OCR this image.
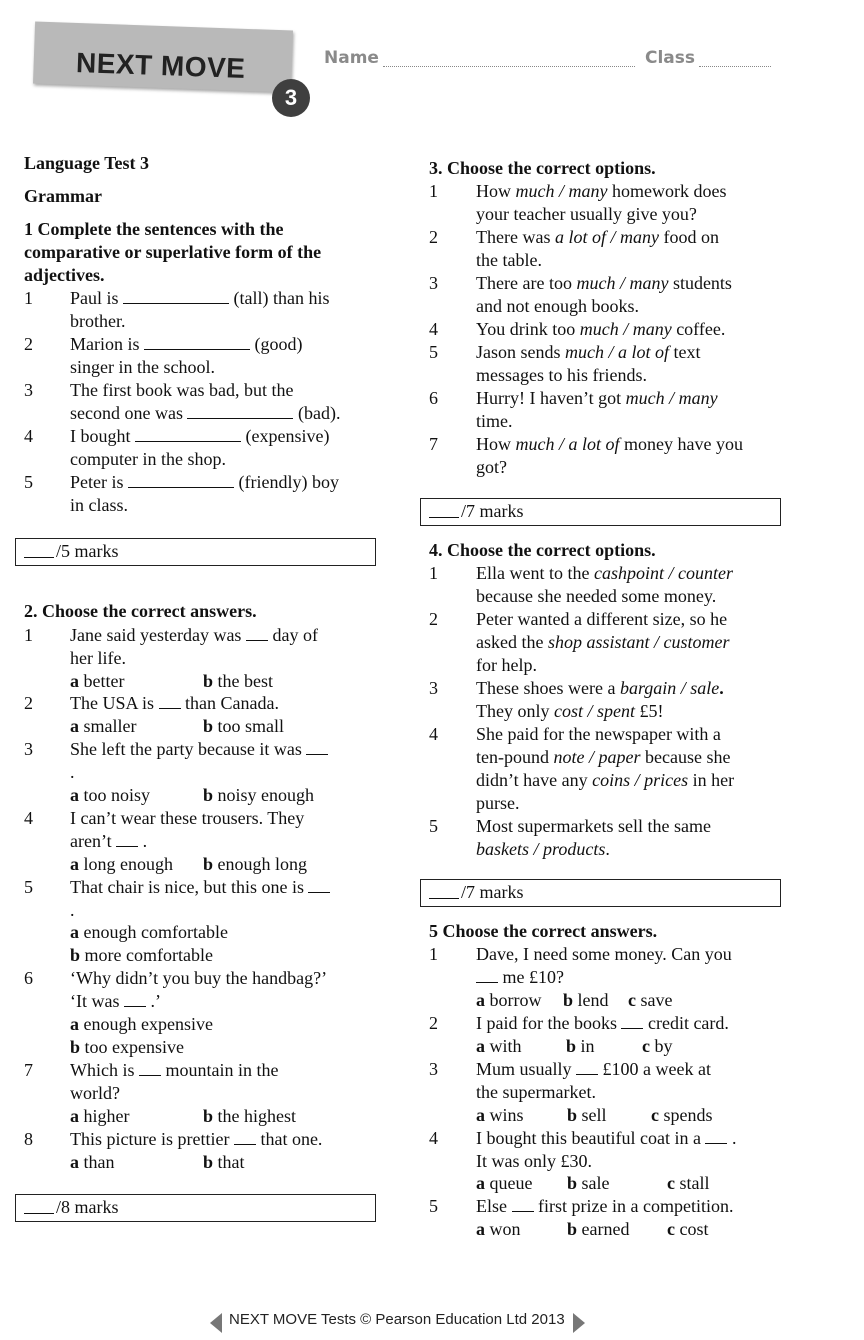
NEXT MOVE
3
Name	Class
Language Test 3
Grammar
1 Complete the sentences with the
comparative or superlative form of the
adjectives.
1 Paul is	(tall) than his
brother.
2 Marion is	(good)
singer in the school.
3 The first book was bad, but the
second one was	(bad).
4 I bought	(expensive)
computer in the shop.
5 Peter is	(friendly) boy
in class.
/5 marks
2. Choose the correct answers.
1 Jane said yesterday was day of
her life.
a better	b the best
2 The USA is than Canada.
a smaller	b too small
3 She left the party because it was
.
a too noisy	b noisy enough
4 I can’t wear these trousers. They
aren’t .
a long enough b enough long
5 That chair is nice, but this one is
.
a enough comfortable
b more comfortable
6 ‘Why didn’t you buy the handbag?’
‘It was .’
a enough expensive
b too expensive
7 Which is mountain in the
world?
a higher	b the highest
8 This picture is prettier that one.
a than	b that
/8 marks
3. Choose the correct options.
1 How much / many homework does
your teacher usually give you?
2 There was a lot of / many food on
the table.
3 There are too much / many students
and not enough books.
4 You drink too much / many coffee.
5 Jason sends much / a lot of text
messages to his friends.
6 Hurry! I haven’t got much / many
time.
7 How much / a lot of money have you
got?
/7 marks
4. Choose the correct options.
1 Ella went to the cashpoint / counter
because she needed some money.
2 Peter wanted a different size, so he
asked the shop assistant / customer
for help.
3 These shoes were a bargain / sale.
They only cost / spent £5!
4 She paid for the newspaper with a
ten-pound note / paper because she
didn’t have any coins / prices in her
purse.
5 Most supermarkets sell the same
baskets / products.
/7 marks
5 Choose the correct answers.
1 Dave, I need some money. Can you
me £10?
a borrow b lend c save
2 I paid for the books credit card.
a with b in	c by
3 Mum usually £100 a week at
the supermarket.
a wins b sell c spends
4 I bought this beautiful coat in a .
It was only £30.
a queue b sale	c stall
5 Else first prize in a competition.
a won	b earned c cost
NEXT MOVE Tests © Pearson Education Ltd 2013
